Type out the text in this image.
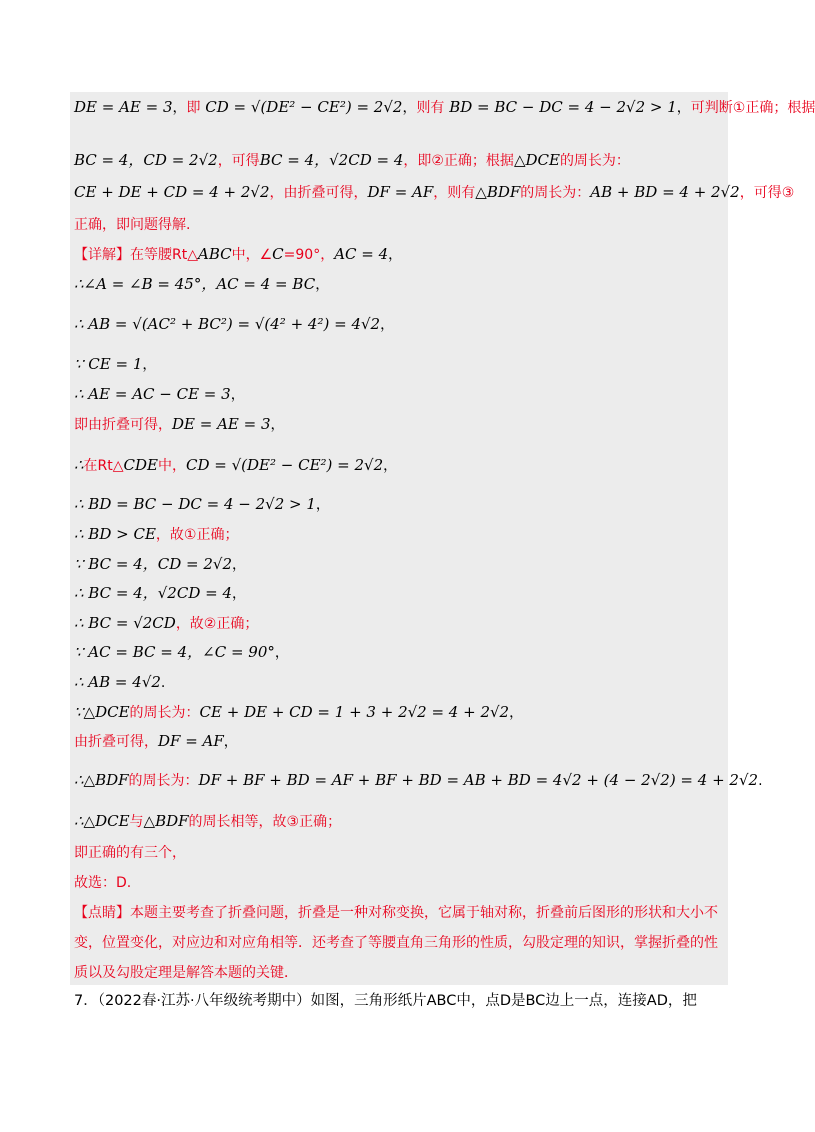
DE = AE = 3，即 CD = √(DE² − CE²) = 2√2，则有 BD = BC − DC = 4 − 2√2 > 1，可判断①正确；根据
BC = 4，CD = 2√2，可得BC = 4，√2CD = 4，即②正确；根据△DCE的周长为：
CE + DE + CD = 4 + 2√2，由折叠可得，DF = AF，则有△BDF的周长为：AB + BD = 4 + 2√2，可得③
正确，即问题得解.
【详解】在等腰Rt△ABC中，∠C=90°，AC = 4，
∴∠A = ∠B = 45°，AC = 4 = BC，
∴ AB = √(AC² + BC²) = √(4² + 4²) = 4√2，
∵ CE = 1，
∴ AE = AC − CE = 3，
即由折叠可得，DE = AE = 3，
∴在Rt△CDE中，CD = √(DE² − CE²) = 2√2，
∴ BD = BC − DC = 4 − 2√2 > 1，
∴ BD > CE，故①正确；
∵ BC = 4，CD = 2√2，
∴ BC = 4，√2CD = 4，
∴ BC = √2CD，故②正确；
∵ AC = BC = 4，∠C = 90°，
∴ AB = 4√2.
∵△DCE的周长为：CE + DE + CD = 1 + 3 + 2√2 = 4 + 2√2，
由折叠可得，DF = AF，
∴△BDF的周长为：DF + BF + BD = AF + BF + BD = AB + BD = 4√2 + (4 − 2√2) = 4 + 2√2.
∴△DCE与△BDF的周长相等，故③正确；
即正确的有三个，
故选：D.
【点睛】本题主要考查了折叠问题，折叠是一种对称变换，它属于轴对称，折叠前后图形的形状和大小不变，位置变化，对应边和对应角相等．还考查了等腰直角三角形的性质，勾股定理的知识，掌握折叠的性质以及勾股定理是解答本题的关键．
7．（2022春·江苏·八年级统考期中）如图，三角形纸片ABC中，点D是BC边上一点，连接AD，把
